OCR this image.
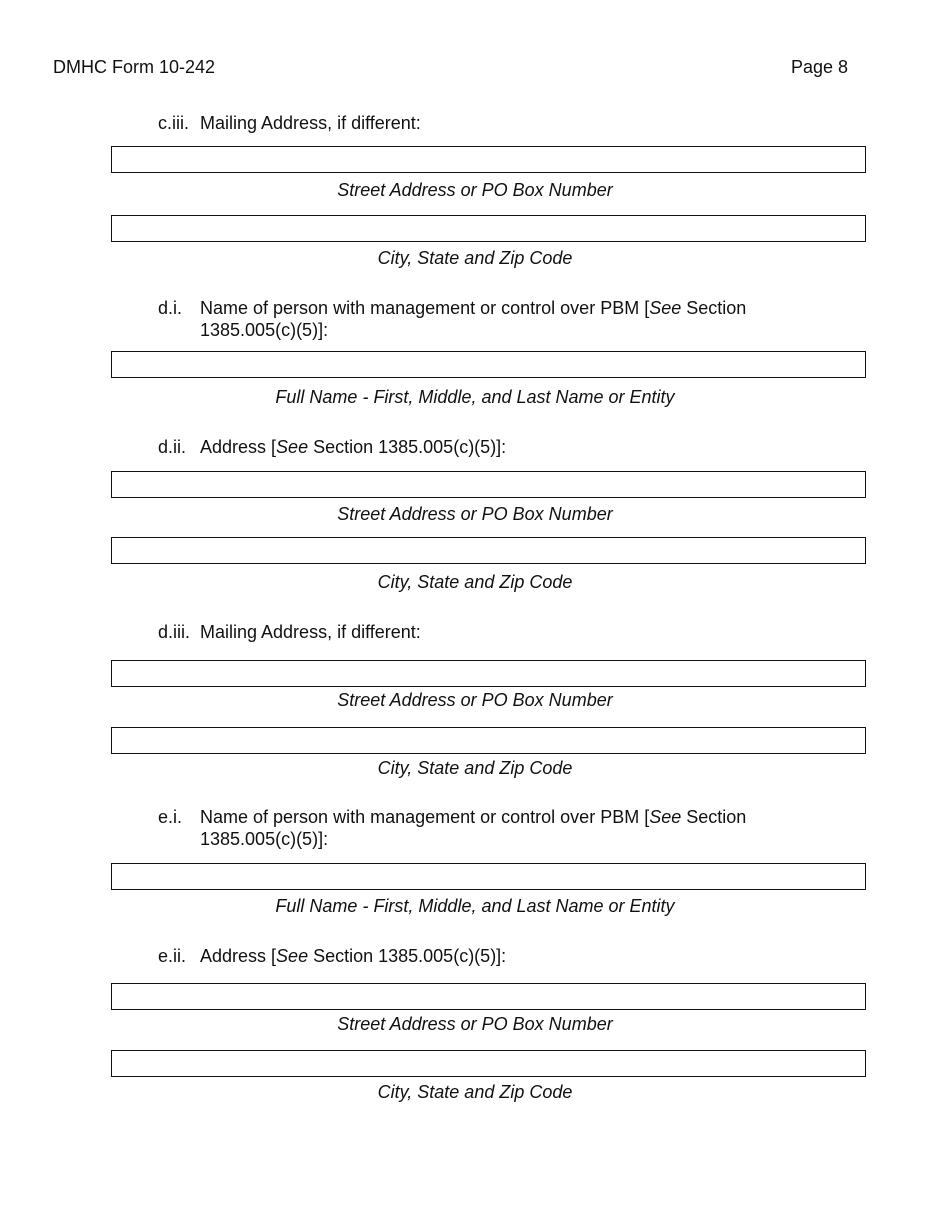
DMHC Form 10-242	Page 8
c.iii. Mailing Address, if different:
Street Address or PO Box Number
City, State and Zip Code
d.i. Name of person with management or control over PBM [See Section
1385.005(c)(5)]:
Full Name - First, Middle, and Last Name or Entity
d.ii. Address [See Section 1385.005(c)(5)]:
Street Address or PO Box Number
City, State and Zip Code
d.iii. Mailing Address, if different:
Street Address or PO Box Number
City, State and Zip Code
e.i. Name of person with management or control over PBM [See Section
1385.005(c)(5)]:
Full Name - First, Middle, and Last Name or Entity
e.ii. Address [See Section 1385.005(c)(5)]:
Street Address or PO Box Number
City, State and Zip Code
